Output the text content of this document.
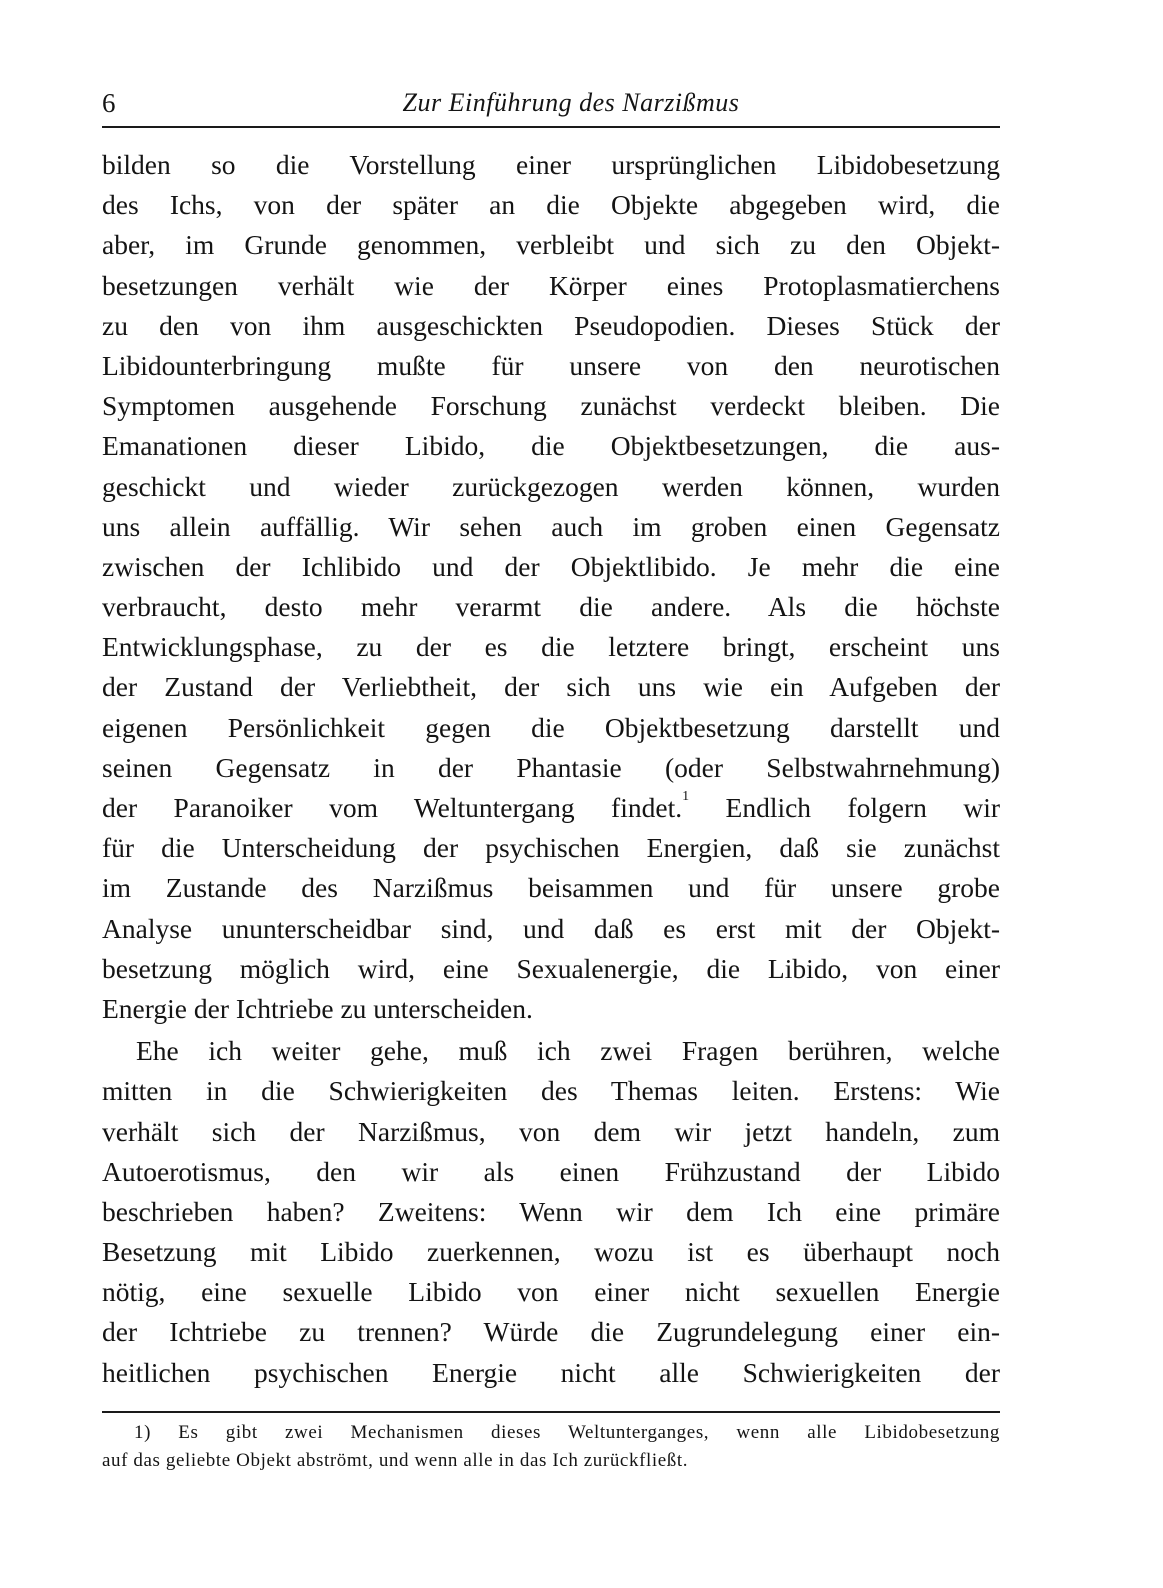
6	Zur Einführung des Narzißmus
bilden so die Vorstellung einer ursprünglichen Libidobesetzung
des Ichs, von der später an die Objekte abgegeben wird, die
aber, im Grunde genommen, verbleibt und sich zu den Objekt-
besetzungen verhält wie der Körper eines Protoplasmatierchens
zu den von ihm ausgeschickten Pseudopodien. Dieses Stück der
Libidounterbringung mußte für unsere von den neurotischen
Symptomen ausgehende Forschung zunächst verdeckt bleiben. Die
Emanationen dieser Libido, die Objektbesetzungen, die aus-
geschickt und wieder zurückgezogen werden können, wurden
uns allein auffällig. Wir sehen auch im groben einen Gegensatz
zwischen der Ichlibido und der Objektlibido. Je mehr die eine
verbraucht, desto mehr verarmt die andere. Als die höchste
Entwicklungsphase, zu der es die letztere bringt, erscheint uns
der Zustand der Verliebtheit, der sich uns wie ein Aufgeben der
eigenen Persönlichkeit gegen die Objektbesetzung darstellt und
seinen Gegensatz in der Phantasie (oder Selbstwahrnehmung)
der Paranoiker vom Weltuntergang findet.$^1$ Endlich folgern wir
für die Unterscheidung der psychischen Energien, daß sie zunächst
im Zustande des Narzißmus beisammen und für unsere grobe
Analyse ununterscheidbar sind, und daß es erst mit der Objekt-
besetzung möglich wird, eine Sexualenergie, die Libido, von einer
Energie der Ichtriebe zu unterscheiden.
Ehe ich weiter gehe, muß ich zwei Fragen berühren, welche
mitten in die Schwierigkeiten des Themas leiten. Erstens: Wie
verhält sich der Narzißmus, von dem wir jetzt handeln, zum
Autoerotismus, den wir als einen Frühzustand der Libido
beschrieben haben? Zweitens: Wenn wir dem Ich eine primäre
Besetzung mit Libido zuerkennen, wozu ist es überhaupt noch
nötig, eine sexuelle Libido von einer nicht sexuellen Energie
der Ichtriebe zu trennen? Würde die Zugrundelegung einer ein-
heitlichen psychischen Energie nicht alle Schwierigkeiten der
1) Es gibt zwei Mechanismen dieses Weltunterganges, wenn alle Libidobesetzung
auf das geliebte Objekt abströmt, und wenn alle in das Ich zurückfließt.
